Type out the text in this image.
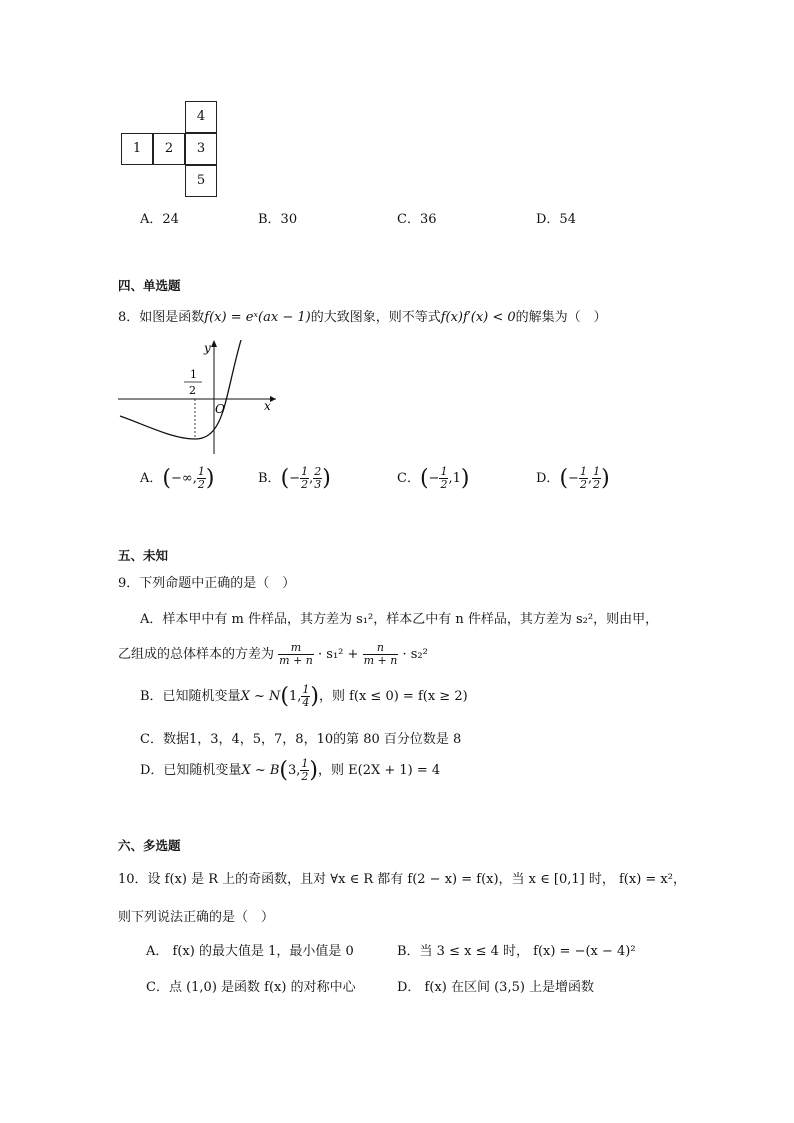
4
1	2	3
5
A．24	B．30	C．36	D．54
四、单选题
8．如图是函数f(x) = eˣ(ax − 1)的大致图象，则不等式f(x)f′(x) < 0的解集为（　）
y
x
O
1
2
A．(−∞, $\frac{1}{2}$ )	B．(− $\frac{1}{2}$ , $\frac{2}{3}$ )	C．(− $\frac{1}{2} ,1$)	D．(− $\frac{1}{2}$ , $\frac{1}{2}$ )
五、未知
9．下列命题中正确的是（　）
A．样本甲中有 m 件样品，其方差为 s₁²，样本乙中有 n 件样品，其方差为 s₂²，则由甲，
乙组成的总体样本的方差为 $\frac{m}{m + n} \cdot s_1^2 + \frac{n}{m + n} \cdot s_2^2$
B．已知随机变量X ~ N(1, $\frac{1}{4}$ )，则 f(x ≤ 0) = f(x ≥ 2)
C．数据1，3，4，5，7，8，10的第 80 百分位数是 8
D．已知随机变量X ~ B(3, $\frac{1}{2}$ )，则 E(2X + 1) = 4
六、多选题
10．设 f(x) 是 R 上的奇函数，且对 ∀x ∈ R 都有 f(2 − x) = f(x)，当 x ∈ [0,1] 时， f(x) = x²，
则下列说法正确的是（　）
A． f(x) 的最大值是 1，最小值是 0	B．当 3 ≤ x ≤ 4 时， f(x) = −(x − 4)²
C．点 (1,0) 是函数 f(x) 的对称中心	D． f(x) 在区间 (3,5) 上是增函数
